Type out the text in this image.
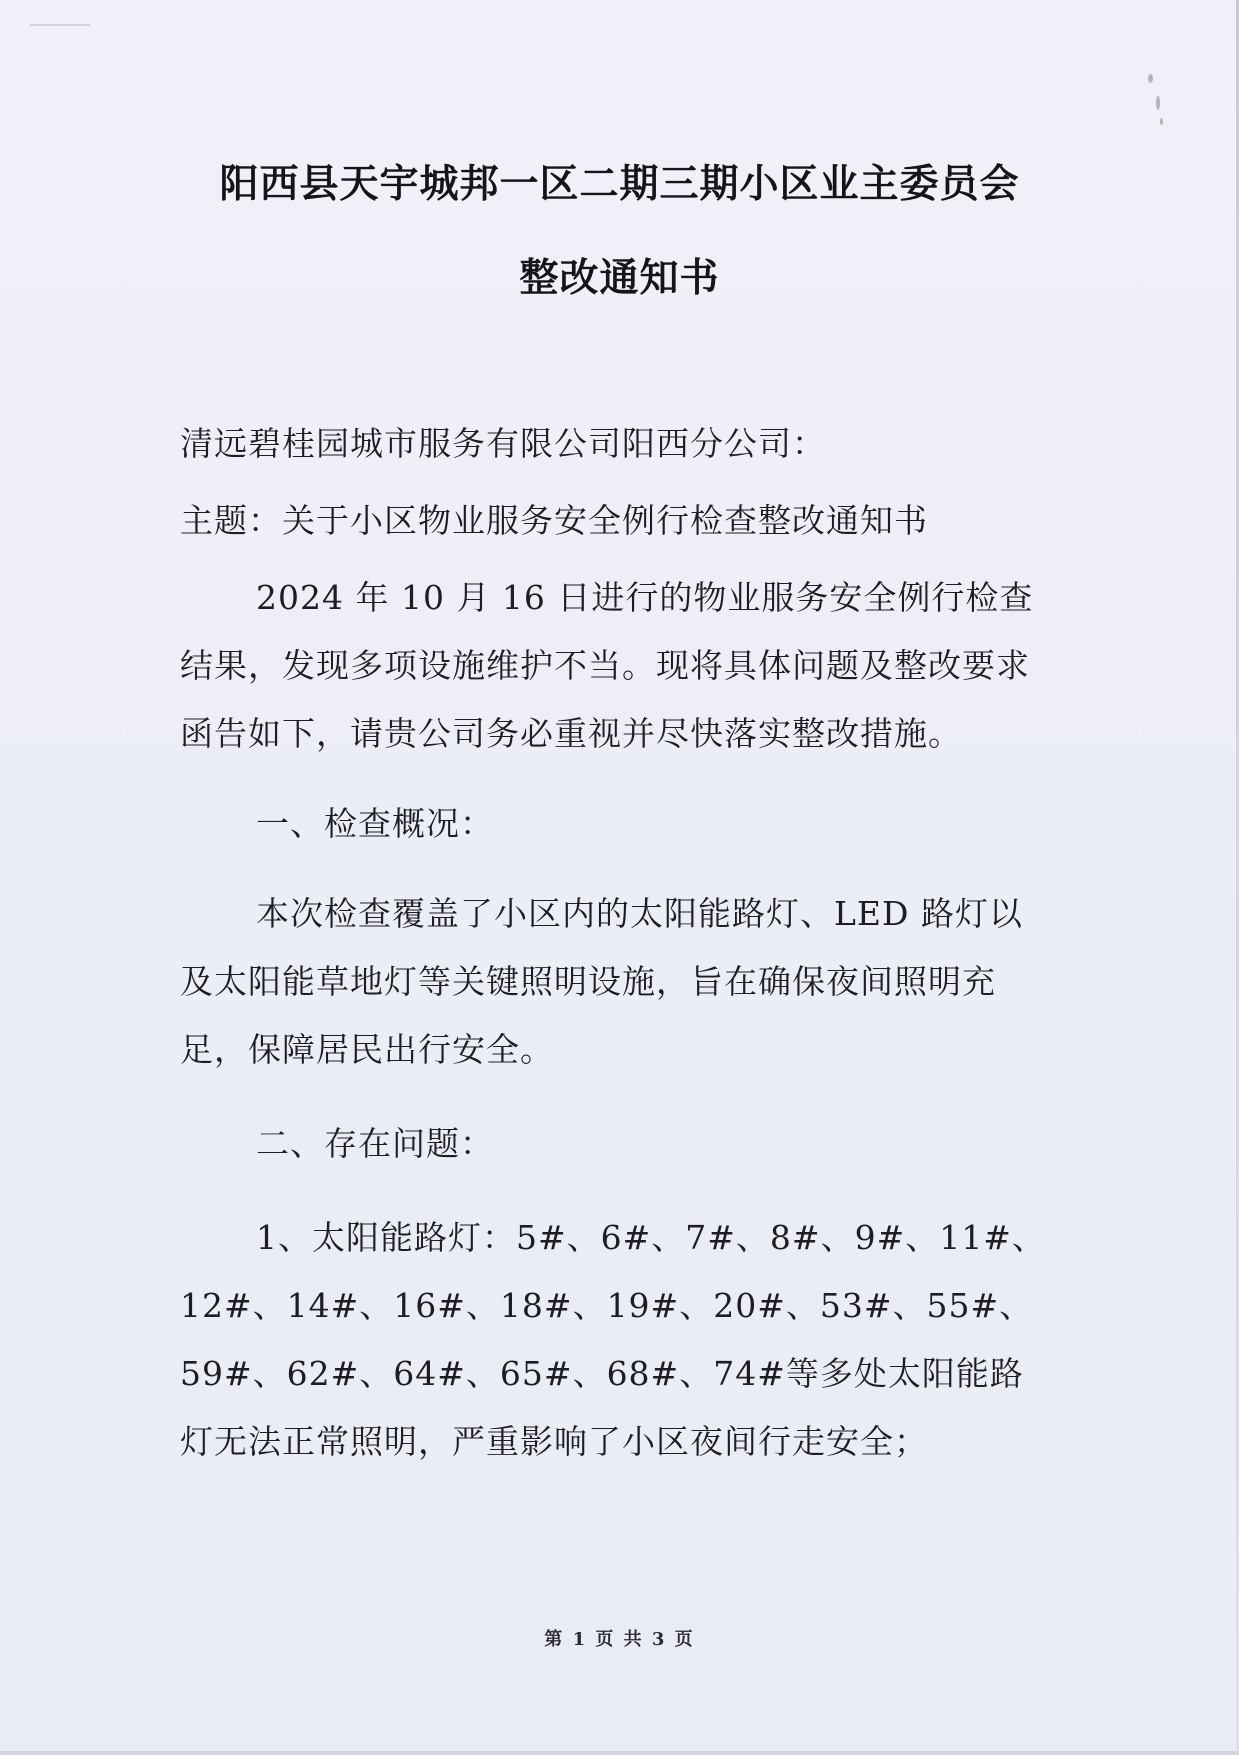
阳西县天宇城邦一区二期三期小区业主委员会
整改通知书

清远碧桂园城市服务有限公司阳西分公司：

主题：关于小区物业服务安全例行检查整改通知书

2024 年 10 月 16 日进行的物业服务安全例行检查结果，发现多项设施维护不当。现将具体问题及整改要求函告如下，请贵公司务必重视并尽快落实整改措施。

一、检查概况：

本次检查覆盖了小区内的太阳能路灯、LED 路灯以及太阳能草地灯等关键照明设施，旨在确保夜间照明充足，保障居民出行安全。

二、存在问题：

1、太阳能路灯：5#、6#、7#、8#、9#、11#、12#、14#、16#、18#、19#、20#、53#、55#、59#、62#、64#、65#、68#、74#等多处太阳能路灯无法正常照明，严重影响了小区夜间行走安全；

第 1 页 共 3 页
